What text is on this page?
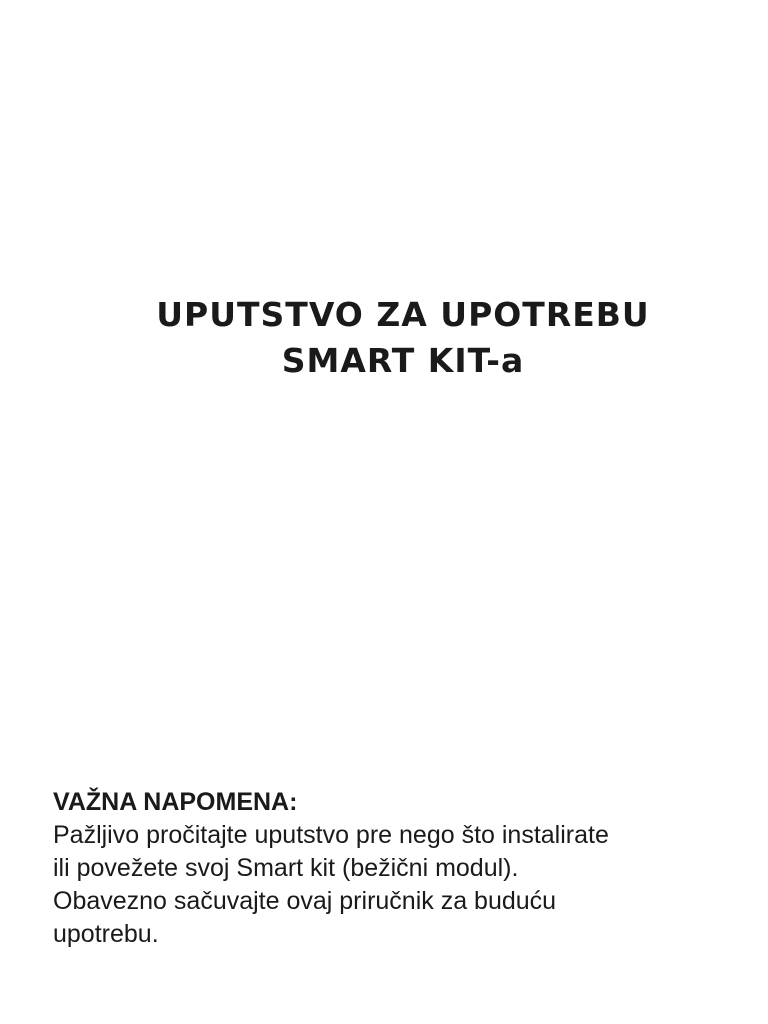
UPUTSTVO ZA UPOTREBU

SMART KIT-a

VAŽNA NAPOMENA:

Pažljivo pročitajte uputstvo pre nego što instalirate

ili povežete svoj Smart kit (bežični modul).

Obavezno sačuvajte ovaj priručnik za buduću

upotrebu.
